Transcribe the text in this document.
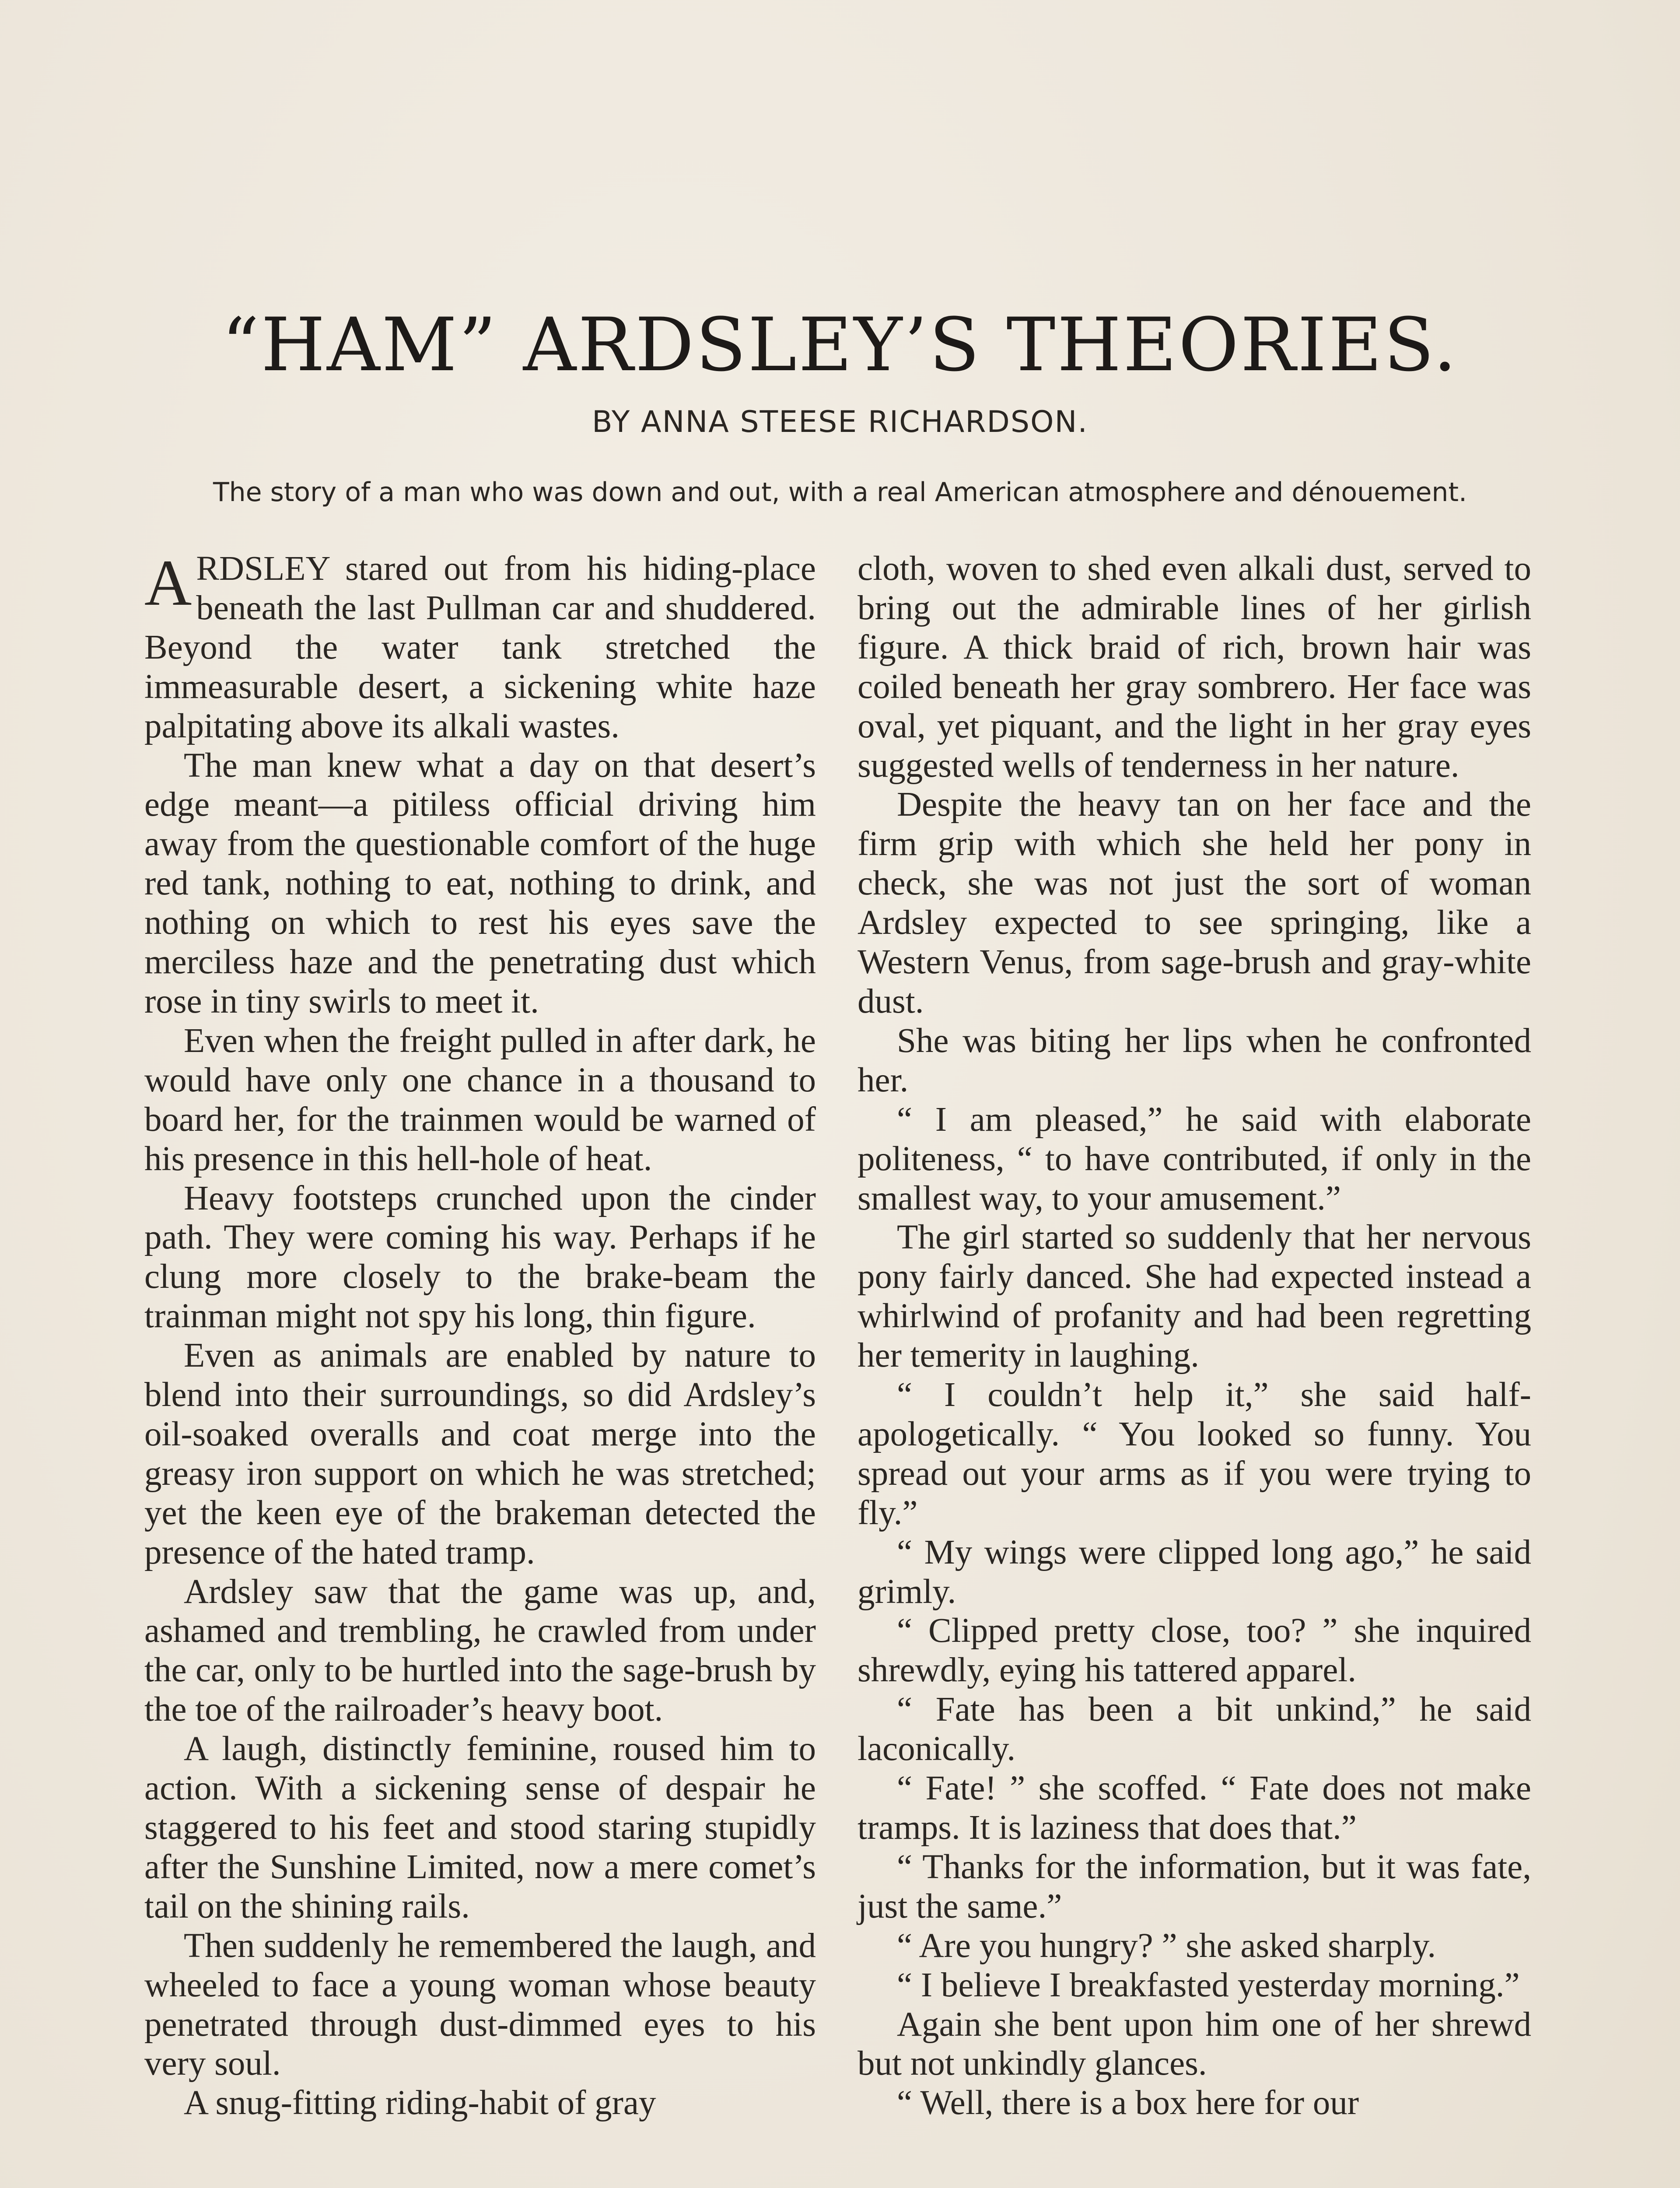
“HAM” ARDSLEY’S THEORIES.
BY ANNA STEESE RICHARDSON.
The story of a man who was down and out, with a real American atmosphere and dénouement.

ARDSLEY stared out from his hiding-place beneath the last Pullman car and shuddered. Beyond the water tank stretched the immeasurable desert, a sickening white haze palpitating above its alkali wastes.

The man knew what a day on that desert’s edge meant—a pitiless official driving him away from the questionable comfort of the huge red tank, nothing to eat, nothing to drink, and nothing on which to rest his eyes save the merciless haze and the penetrating dust which rose in tiny swirls to meet it.

Even when the freight pulled in after dark, he would have only one chance in a thousand to board her, for the trainmen would be warned of his presence in this hell-hole of heat.

Heavy footsteps crunched upon the cinder path. They were coming his way. Perhaps if he clung more closely to the brake-beam the trainman might not spy his long, thin figure.

Even as animals are enabled by nature to blend into their surroundings, so did Ardsley’s oil-soaked overalls and coat merge into the greasy iron support on which he was stretched; yet the keen eye of the brakeman detected the presence of the hated tramp.

Ardsley saw that the game was up, and, ashamed and trembling, he crawled from under the car, only to be hurtled into the sage-brush by the toe of the railroader’s heavy boot.

A laugh, distinctly feminine, roused him to action. With a sickening sense of despair he staggered to his feet and stood staring stupidly after the Sunshine Limited, now a mere comet’s tail on the shining rails.

Then suddenly he remembered the laugh, and wheeled to face a young woman whose beauty penetrated through dust-dimmed eyes to his very soul.

A snug-fitting riding-habit of gray

cloth, woven to shed even alkali dust, served to bring out the admirable lines of her girlish figure. A thick braid of rich, brown hair was coiled beneath her gray sombrero. Her face was oval, yet piquant, and the light in her gray eyes suggested wells of tenderness in her nature.

Despite the heavy tan on her face and the firm grip with which she held her pony in check, she was not just the sort of woman Ardsley expected to see springing, like a Western Venus, from sage-brush and gray-white dust.

She was biting her lips when he confronted her.

“ I am pleased,” he said with elaborate politeness, “ to have contributed, if only in the smallest way, to your amusement.”

The girl started so suddenly that her nervous pony fairly danced. She had expected instead a whirlwind of profanity and had been regretting her temerity in laughing.

“ I couldn’t help it,” she said half-apologetically. “ You looked so funny. You spread out your arms as if you were trying to fly.”

“ My wings were clipped long ago,” he said grimly.

“ Clipped pretty close, too? ” she inquired shrewdly, eying his tattered apparel.

“ Fate has been a bit unkind,” he said laconically.

“ Fate! ” she scoffed. “ Fate does not make tramps. It is laziness that does that.”

“ Thanks for the information, but it was fate, just the same.”

“ Are you hungry? ” she asked sharply.

“ I believe I breakfasted yesterday morning.”

Again she bent upon him one of her shrewd but not unkindly glances.

“ Well, there is a box here for our
